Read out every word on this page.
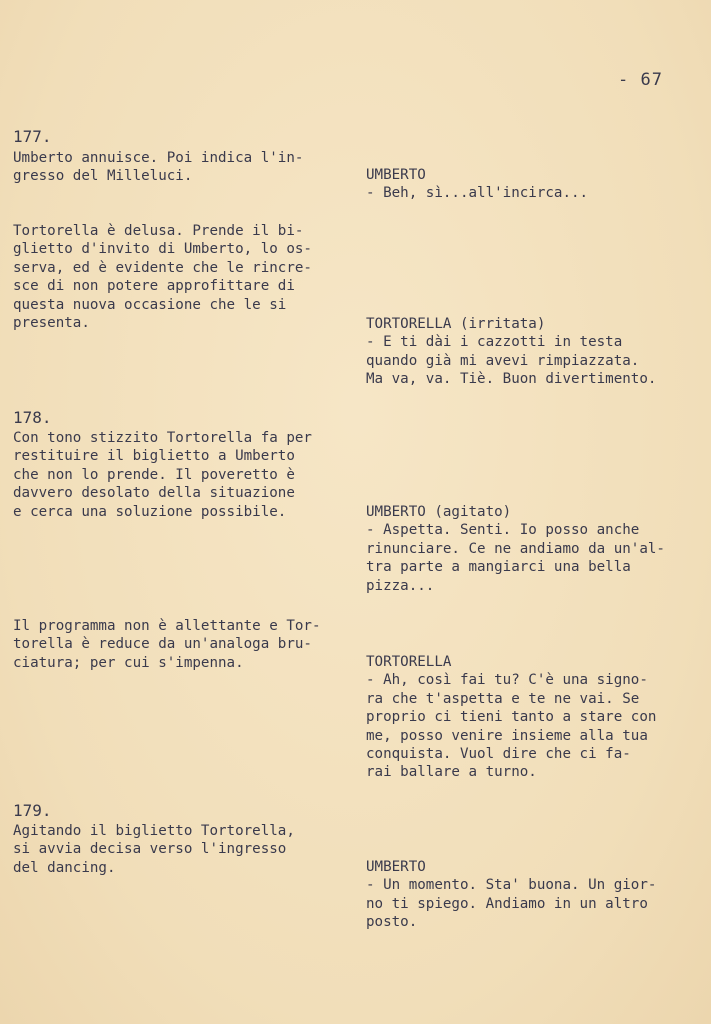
- 67
177.
Umberto annuisce. Poi indica l'in-
gresso del Milleluci.
Tortorella è delusa. Prende il bi-
glietto d'invito di Umberto, lo os-
serva, ed è evidente che le rincre-
sce di non potere approfittare di
questa nuova occasione che le si
presenta.
178.
Con tono stizzito Tortorella fa per
restituire il biglietto a Umberto
che non lo prende. Il poveretto è
davvero desolato della situazione
e cerca una soluzione possibile.
Il programma non è allettante e Tor-
torella è reduce da un'analoga bru-
ciatura; per cui s'impenna.
179.
Agitando il biglietto Tortorella,
si avvia decisa verso l'ingresso
del dancing.
UMBERTO
- Beh, sì...all'incirca...
TORTORELLA (irritata)
- E ti dài i cazzotti in testa
quando già mi avevi rimpiazzata.
Ma va, va. Tiè. Buon divertimento.
UMBERTO (agitato)
- Aspetta. Senti. Io posso anche
rinunciare. Ce ne andiamo da un'al-
tra parte a mangiarci una bella
pizza...
TORTORELLA
- Ah, così fai tu? C'è una signo-
ra che t'aspetta e te ne vai. Se
proprio ci tieni tanto a stare con
me, posso venire insieme alla tua
conquista. Vuol dire che ci fa-
rai ballare a turno.
UMBERTO
- Un momento. Sta' buona. Un gior-
no ti spiego. Andiamo in un altro
posto.
